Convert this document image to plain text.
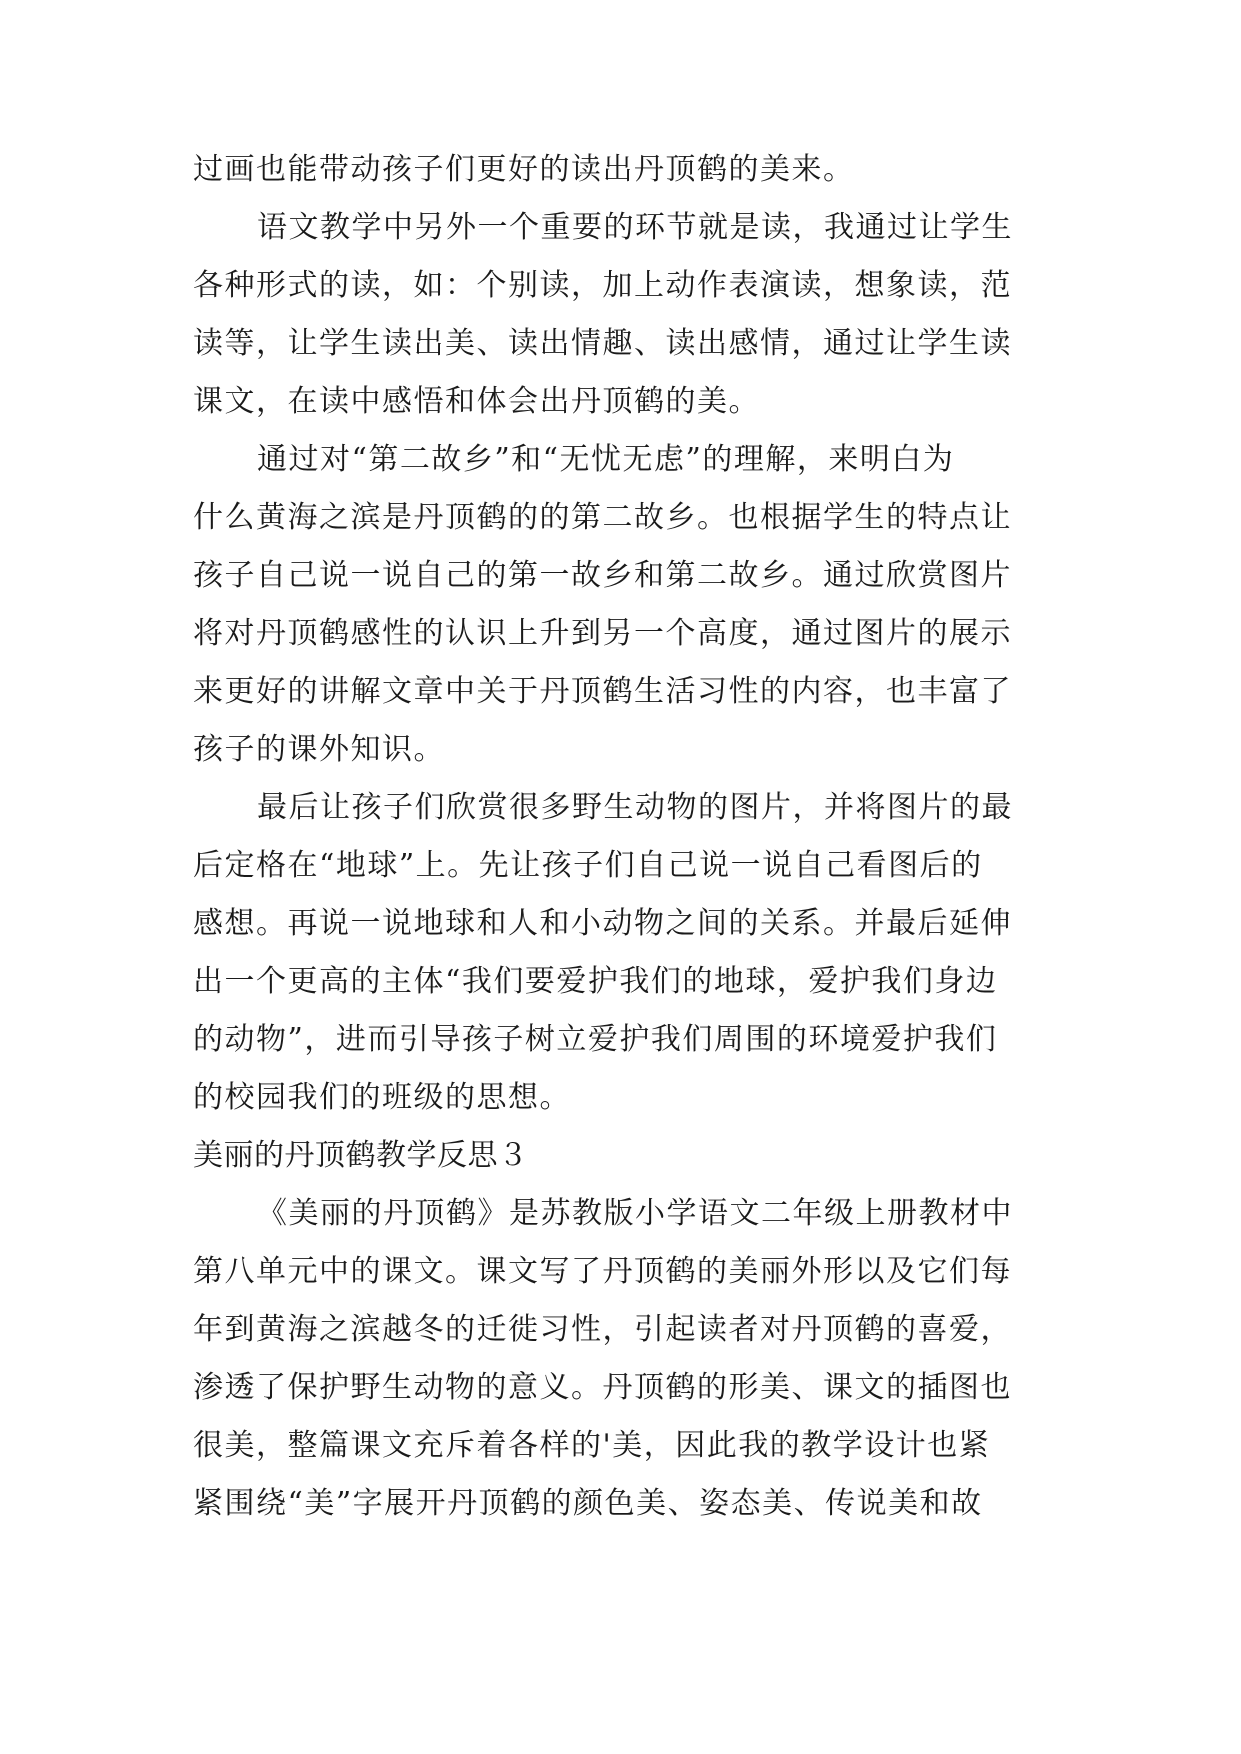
过画也能带动孩子们更好的读出丹顶鹤的美来。
语文教学中另外一个重要的环节就是读，我通过让学生
各种形式的读，如：个别读，加上动作表演读，想象读，范
读等，让学生读出美、读出情趣、读出感情，通过让学生读
课文，在读中感悟和体会出丹顶鹤的美。
通过对“第二故乡”和“无忧无虑”的理解，来明白为
什么黄海之滨是丹顶鹤的的第二故乡。也根据学生的特点让
孩子自己说一说自己的第一故乡和第二故乡。通过欣赏图片
将对丹顶鹤感性的认识上升到另一个高度，通过图片的展示
来更好的讲解文章中关于丹顶鹤生活习性的内容，也丰富了
孩子的课外知识。
最后让孩子们欣赏很多野生动物的图片，并将图片的最
后定格在“地球”上。先让孩子们自己说一说自己看图后的
感想。再说一说地球和人和小动物之间的关系。并最后延伸
出一个更高的主体“我们要爱护我们的地球，爱护我们身边
的动物”，进而引导孩子树立爱护我们周围的环境爱护我们
的校园我们的班级的思想。
美丽的丹顶鹤教学反思３
《美丽的丹顶鹤》是苏教版小学语文二年级上册教材中
第八单元中的课文。课文写了丹顶鹤的美丽外形以及它们每
年到黄海之滨越冬的迁徙习性，引起读者对丹顶鹤的喜爱，
渗透了保护野生动物的意义。丹顶鹤的形美、课文的插图也
很美，整篇课文充斥着各样的'美，因此我的教学设计也紧
紧围绕“美”字展开丹顶鹤的颜色美、姿态美、传说美和故
